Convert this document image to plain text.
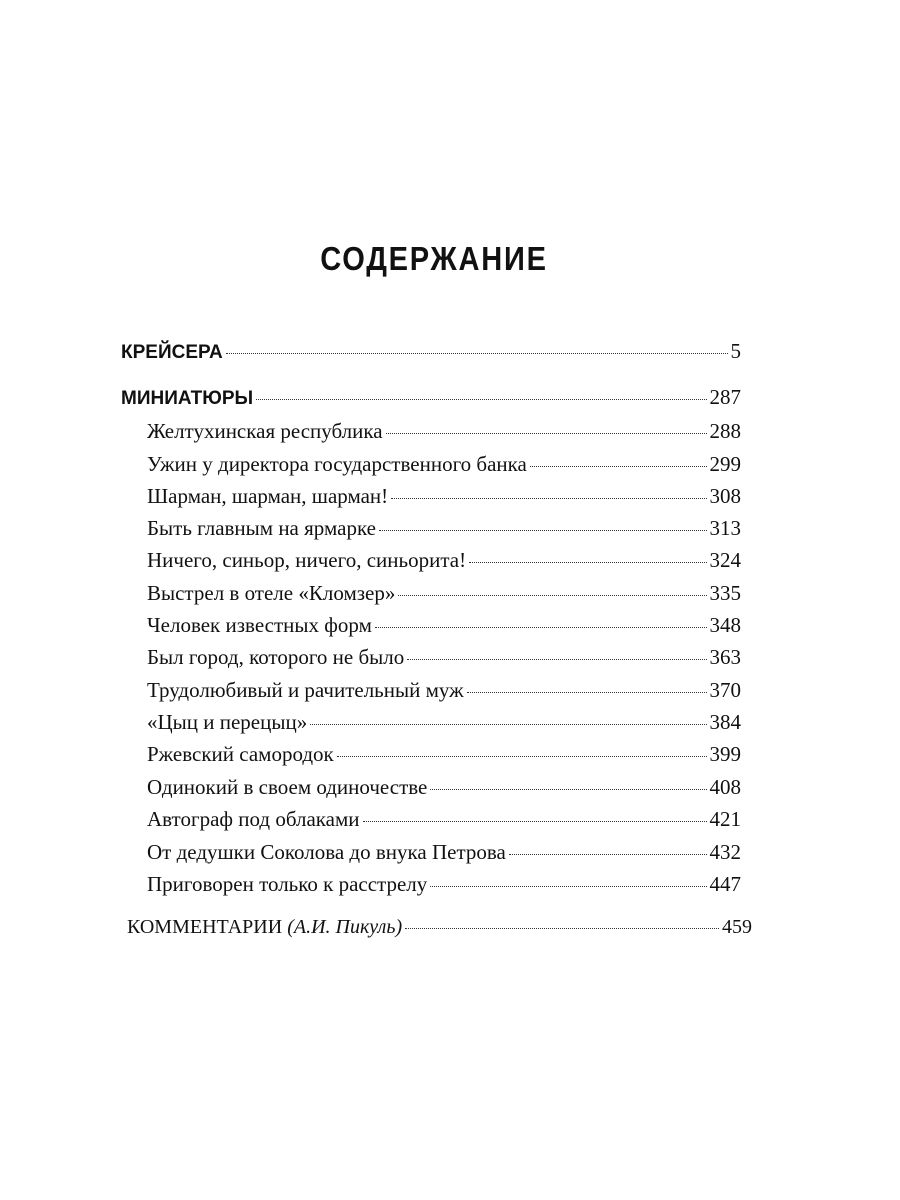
СОДЕРЖАНИЕ
КРЕЙСЕРА	5
МИНИАТЮРЫ	287
Желтухинская республика	288
Ужин у директора государственного банка	299
Шарман, шарман, шарман!	308
Быть главным на ярмарке	313
Ничего, синьор, ничего, синьорита!	324
Выстрел в отеле «Кломзер»	335
Человек известных форм	348
Был город, которого не было	363
Трудолюбивый и рачительный муж	370
«Цыц и перецыц»	384
Ржевский самородок	399
Одинокий в своем одиночестве	408
Автограф под облаками	421
От дедушки Соколова до внука Петрова	432
Приговорен только к расстрелу	447
КОММЕНТАРИИ (А.И. Пикуль)	459
